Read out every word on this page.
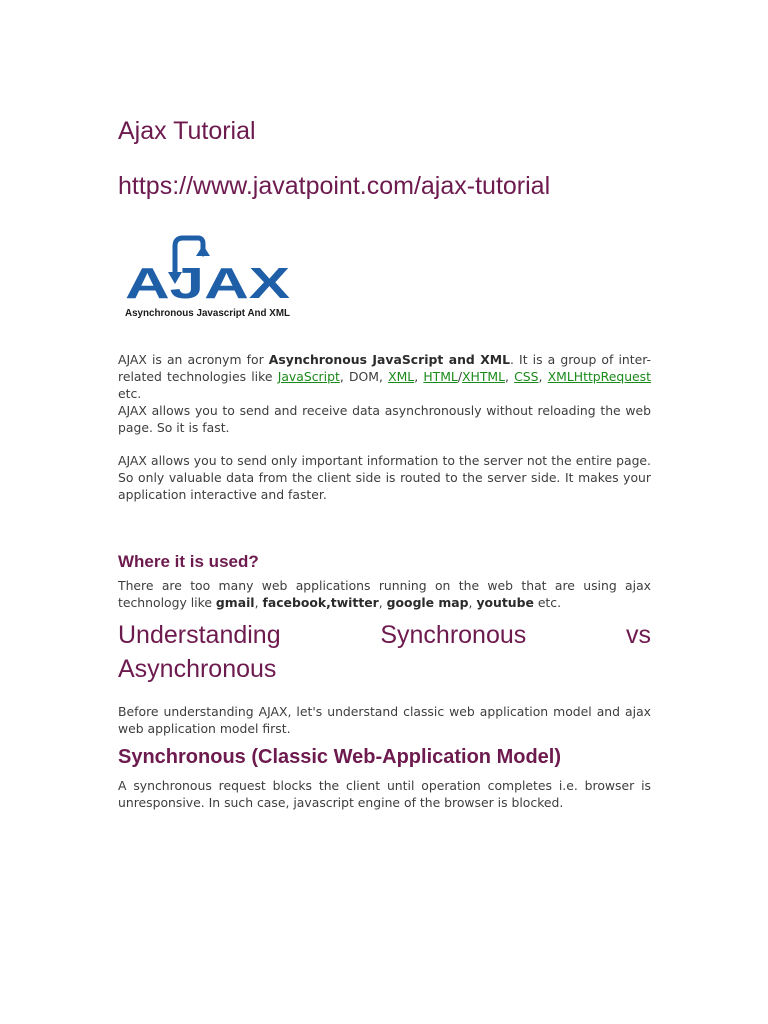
Ajax Tutorial
https://www.javatpoint.com/ajax-tutorial
AJAX
Asynchronous Javascript And XML

AJAX is an acronym for Asynchronous JavaScript and XML. It is a group of inter-related technologies like JavaScript, DOM, XML, HTML/XHTML, CSS, XMLHttpRequest etc.

AJAX allows you to send and receive data asynchronously without reloading the web page. So it is fast.

AJAX allows you to send only important information to the server not the entire page. So only valuable data from the client side is routed to the server side. It makes your application interactive and faster.

Where it is used?

There are too many web applications running on the web that are using ajax technology like gmail, facebook,twitter, google map, youtube etc.

Understanding	Synchronous	vs
Asynchronous

Before understanding AJAX, let's understand classic web application model and ajax web application model first.

Synchronous (Classic Web-Application Model)

A synchronous request blocks the client until operation completes i.e. browser is unresponsive. In such case, javascript engine of the browser is blocked.
